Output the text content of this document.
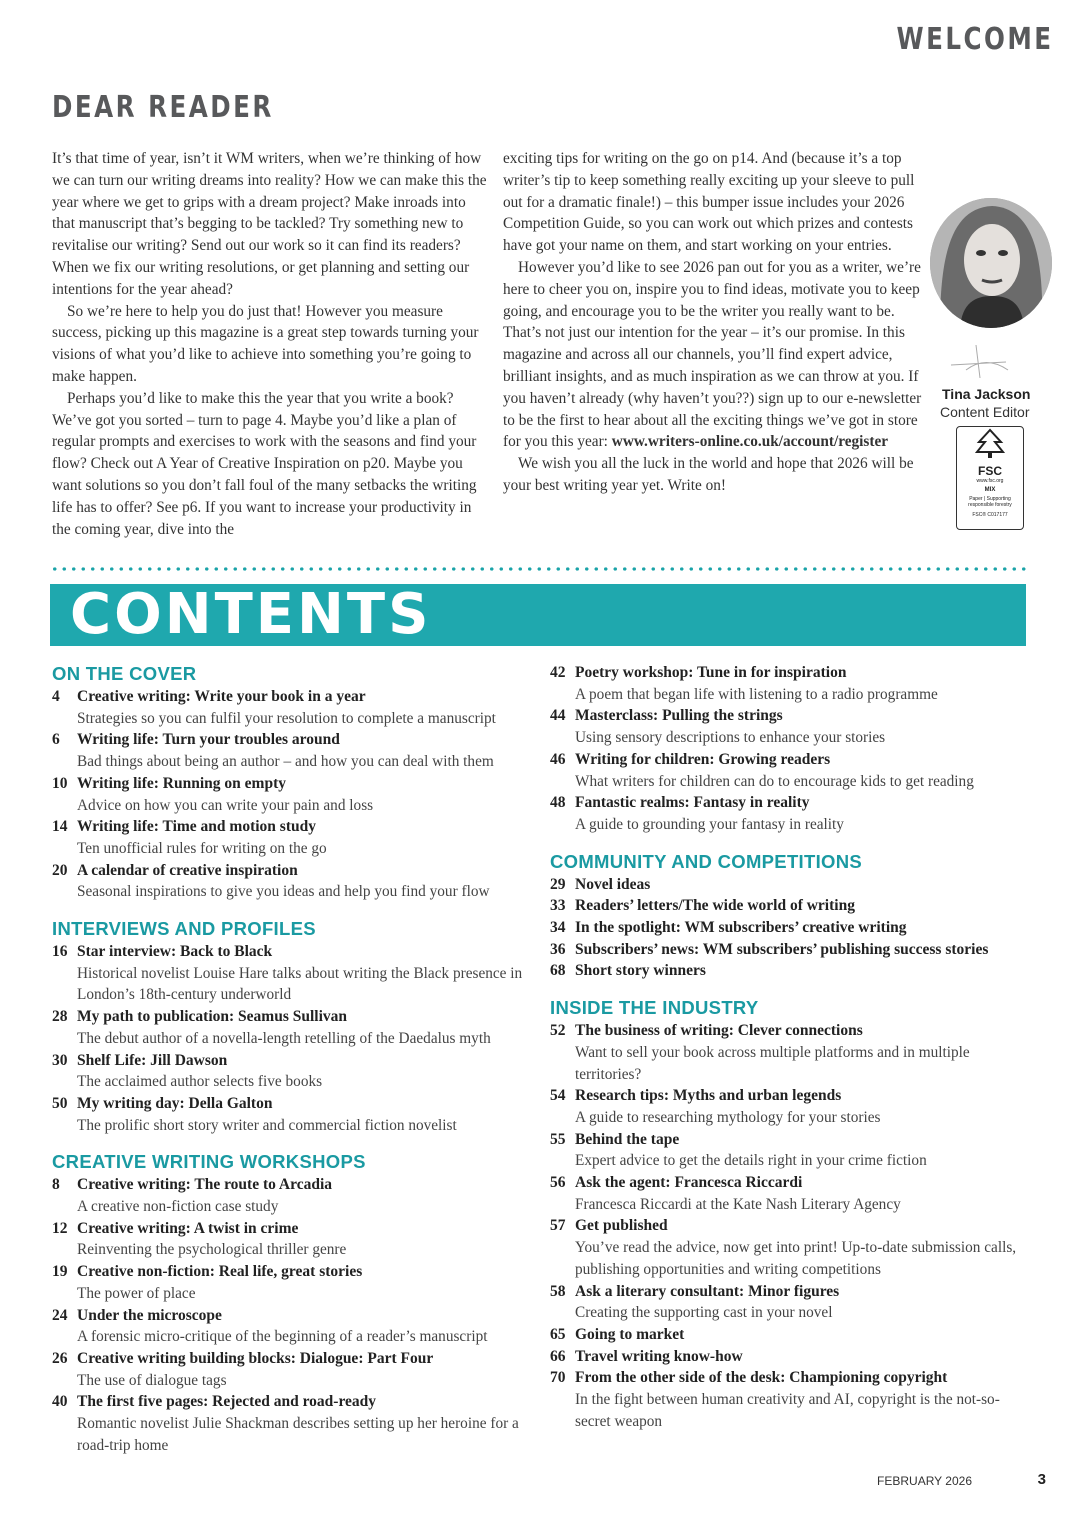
WELCOME
DEAR READER

It’s that time of year, isn’t it WM writers, when we’re thinking of how we can turn our writing dreams into reality? How we can make this the year where we get to grips with a dream project? Make inroads into that manuscript that’s begging to be tackled? Try something new to revitalise our writing? Send out our work so it can find its readers? When we fix our writing resolutions, or get planning and setting our intentions for the year ahead?

So we’re here to help you do just that! However you measure success, picking up this magazine is a great step towards turning your visions of what you’d like to achieve into something you’re going to make happen.

Perhaps you’d like to make this the year that you write a book? We’ve got you sorted – turn to page 4. Maybe you’d like a plan of regular prompts and exercises to work with the seasons and find your flow? Check out A Year of Creative Inspiration on p20. Maybe you want solutions so you don’t fall foul of the many setbacks the writing life has to offer? See p6. If you want to increase your productivity in the coming year, dive into the

exciting tips for writing on the go on p14. And (because it’s a top writer’s tip to keep something really exciting up your sleeve to pull out for a dramatic finale!) – this bumper issue includes your 2026 Competition Guide, so you can work out which prizes and contests have got your name on them, and start working on your entries.

However you’d like to see 2026 pan out for you as a writer, we’re here to cheer you on, inspire you to find ideas, motivate you to keep going, and encourage you to be the writer you really want to be. That’s not just our intention for the year – it’s our promise. In this magazine and across all our channels, you’ll find expert advice, brilliant insights, and as much inspiration as we can throw at you. If you haven’t already (why haven’t you??) sign up to our e-newsletter to be the first to hear about all the exciting things we’ve got in store for you this year: www.writers-online.co.uk/account/register

We wish you all the luck in the world and hope that 2026 will be your best writing year yet. Write on!

Tina Jackson
Content Editor
FSC
www.fsc.org
MIX
Paper | Supporting responsible forestry
FSC® C017177
CONTENTS
ON THE COVER
4 Creative writing: Write your book in a year
Strategies so you can fulfil your resolution to complete a manuscript
6 Writing life: Turn your troubles around
Bad things about being an author – and how you can deal with them
10 Writing life: Running on empty
Advice on how you can write your pain and loss
14 Writing life: Time and motion study
Ten unofficial rules for writing on the go
20 A calendar of creative inspiration
Seasonal inspirations to give you ideas and help you find your flow
INTERVIEWS AND PROFILES
16 Star interview: Back to Black
Historical novelist Louise Hare talks about writing the Black presence in London’s 18th-century underworld
28 My path to publication: Seamus Sullivan
The debut author of a novella-length retelling of the Daedalus myth
30 Shelf Life: Jill Dawson
The acclaimed author selects five books
50 My writing day: Della Galton
The prolific short story writer and commercial fiction novelist
CREATIVE WRITING WORKSHOPS
8 Creative writing: The route to Arcadia
A creative non-fiction case study
12 Creative writing: A twist in crime
Reinventing the psychological thriller genre
19 Creative non-fiction: Real life, great stories
The power of place
24 Under the microscope
A forensic micro-critique of the beginning of a reader’s manuscript
26 Creative writing building blocks: Dialogue: Part Four
The use of dialogue tags
40 The first five pages: Rejected and road-ready
Romantic novelist Julie Shackman describes setting up her heroine for a road-trip home
42 Poetry workshop: Tune in for inspiration
A poem that began life with listening to a radio programme
44 Masterclass: Pulling the strings
Using sensory descriptions to enhance your stories
46 Writing for children: Growing readers
What writers for children can do to encourage kids to get reading
48 Fantastic realms: Fantasy in reality
A guide to grounding your fantasy in reality
COMMUNITY AND COMPETITIONS
29 Novel ideas
33 Readers’ letters/The wide world of writing
34 In the spotlight: WM subscribers’ creative writing
36 Subscribers’ news: WM subscribers’ publishing success stories
68 Short story winners
INSIDE THE INDUSTRY
52 The business of writing: Clever connections
Want to sell your book across multiple platforms and in multiple territories?
54 Research tips: Myths and urban legends
A guide to researching mythology for your stories
55 Behind the tape
Expert advice to get the details right in your crime fiction
56 Ask the agent: Francesca Riccardi
Francesca Riccardi at the Kate Nash Literary Agency
57 Get published
You’ve read the advice, now get into print! Up-to-date submission calls, publishing opportunities and writing competitions
58 Ask a literary consultant: Minor figures
Creating the supporting cast in your novel
65 Going to market
66 Travel writing know-how
70 From the other side of the desk: Championing copyright
In the fight between human creativity and AI, copyright is the not-so-secret weapon
FEBRUARY 2026	3
